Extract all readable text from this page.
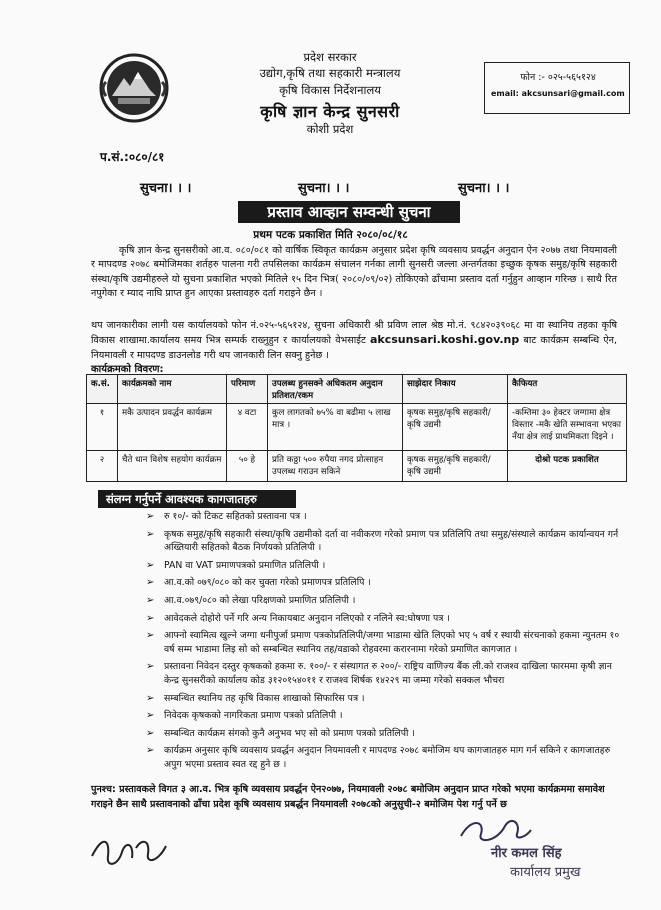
प्रदेश सरकार
उद्योग,कृषि तथा सहकारी मन्त्रालय
कृषि विकास निर्देशनालय
कृषि ज्ञान केन्द्र सुनसरी
कोशी प्रदेश
फोन :- ०२५-५६५१२४
email: akcsunsari@gmail.com
प.सं.:०८०/८१
सुचना। । ।	सुचना। । ।	सुचना। । ।
प्रस्ताव आव्हान सम्वन्धी सुचना
प्रथम पटक प्रकाशित मिति २०८०/०८/१८

कृषि ज्ञान केन्द्र सुनसरीको आ.व. ०८०/०८१ को वार्षिक स्विकृत कार्यक्रम अनुसार प्रदेश कृषि व्यवसाय प्रवर्द्धन अनुदान ऐन २०७७ तथा नियमावली र मापदण्ड २०७८ बमोजिमका शर्तहरु पालना गरी तपसिलका कार्यक्रम संचालन गर्नका लागी सुनसरी जल्ला अन्तर्गतका इच्छुक कृषक समुह/कृषि सहकारी संस्था/कृषि उद्यमीहरुले यो सुचना प्रकाशित भएको मितिले १५ दिन भित्र( २०८०/०९/०२) तोकिएको ढाँचामा प्रस्ताव दर्ता गर्नुहुन आव्हान गरिन्छ । साथै रित नपुगेका र म्याद नाघि प्राप्त हुन आएका प्रस्तावहरु दर्ता गराइने छैन ।

थप जानकारीका लागी यस कार्यालयको फोन नं.०२५-५६५१२४, सुचना अधिकारी श्री प्रविण लाल श्रेष्ठ मो.नं. ९८४२०३९०६८ मा वा स्थानिय तहका कृषि विकास शाखामा.कार्यालय समय भित्र सम्पर्क राख्नुहुन र कार्यालयको वेभसाईट akcsunsari.koshi.gov.np बाट कार्यक्रम सम्बन्धि ऐन, नियमावली र मापदण्ड डाउनलोड गरी थप जानकारी लिन सक्नु हुनेछ ।

कार्यक्रमको विवरण:
क.सं.	कार्यक्रमको नाम	परिमाण	उपलब्ध हुनसक्ने अधिकतम अनुदान प्रतिशत/रकम	साझेदार निकाय	कैफियत
१	मकै उत्पादन प्रवर्द्धन कार्यक्रम	४ वटा	कुल लागतको ७५% वा बढीमा ५ लाख मात्र ।	कृषक समुह/कृषि सहकारी/कृषि उद्यमी	-कम्तिमा ३० हेक्टर जग्गामा क्षेत्र विस्तार -मकै खेति सम्भावना भएका नँया क्षेत्र लाई प्राथमिकता दिइने ।
२	चैते धान विशेष सहयोग कार्यक्रम	५० हे	प्रति कठ्ठा ५०० रुपैया नगद प्रोत्साहन उपलब्ध गराउन सकिने	कृषक समुह/कृषि सहकारी/कृषि उद्यमी	दोश्रो पटक प्रकाशित
संलग्न गर्नुपर्ने आवश्यक कागजातहरु
➢ रु १०/- को टिकट सहितको प्रस्तावना पत्र ।
➢ कृषक समुह/कृषि सहकारी संस्था/कृषि उद्यमीको दर्ता वा नवीकरण गरेको प्रमाण पत्र प्रतिलिपि तथा समुह/संस्थाले कार्यक्रम कार्यान्वयन गर्न अख्तियारी सहितको बैठक निर्णयको प्रतिलिपी ।
➢ PAN वा VAT प्रमाणपत्रको प्रमाणित प्रतिलिपी ।
➢ आ.व.को ०७९/०८० को कर चुक्ता गरेको प्रमाणपत्र प्रतिलिपि ।
➢ आ.व.०७९/०८० को लेखा परिक्षणको प्रमाणित प्रतिलिपी ।
➢ आवेदकले दोहोरो पर्ने गरि अन्य निकायबाट अनुदान नलिएको र नलिने स्व:घोषणा पत्र ।
➢ आफ्नो स्वामित्व खुल्ने जग्गा धनीपुर्जा प्रमाण पत्रकोप्रतिलिपी/जग्गा भाडामा खेति लिएको भए ५ वर्ष र स्थायी संरचनाको हकमा न्युनतम १० वर्ष सम्म भाडामा लिइ सो को सम्बन्धित स्थानिय तह/वडाको रोहवरमा करारनामा गरेको प्रमाणित कागजात ।
➢ प्रस्तावना निवेदन दस्तुर कृषकको हकमा रु. १००/- र संस्थागत रु २००/- राष्ट्रिय वाणिज्य बैंक ली.को राजश्व दाखिला फारममा कृषी ज्ञान केन्द्र सुनसरीको कार्यालय कोड ३१२०१५४०११ र राजश्व शिर्षक १४२२९ मा जम्मा गरेको सक्कल भौचरा
➢ सम्बन्धित स्थानिय तह कृषि विकास शाखाको सिफारिस पत्र ।
➢ निवेदक कृषकको नागरिकता प्रमाण पत्रको प्रतिलिपी ।
➢ सम्बन्धित कार्यक्रम संगको कुनै अनुभव भए सो को प्रमाण पत्रको प्रतिलिपी ।
➢ कार्यक्रम अनुसार कृषि व्यवसाय प्रवर्द्धन अनुदान नियमावली र मापदण्ड २०७८ बमोजिम थप कागजातहरु माग गर्न सकिने र कागजातहरु अपुग भएमा प्रस्ताव स्वत रद्द हुने छ ।

पुनश्च: प्रस्तावकले विगत ३ आ.व. भित्र कृषि व्यवसाय प्रवर्द्धन ऐन२०७७, नियमावली २०७८ बमोजिम अनुदान प्राप्त गरेको भएमा कार्यक्रममा समावेश गराइने छैन साथै प्रस्तावनाको ढाँचा प्रदेश कृषि व्यवसाय प्रबर्द्धन नियमावली २०७८को अनुसुची-२ बमोजिम पेश गर्नु पर्ने छ

नीर कमल सिंह
कार्यालय प्रमुख
